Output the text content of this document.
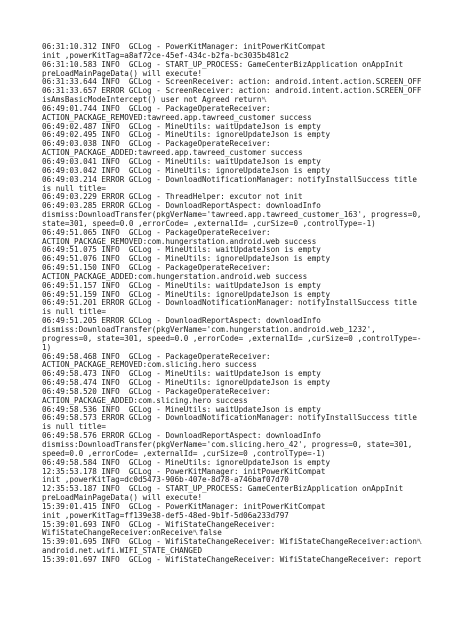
06:31:10.312 INFO  GCLog - PowerKitManager: initPowerKitCompat
init ,powerKitTag=a8af72ce-45ef-434c-b2fa-bc3035b481c2
06:31:10.583 INFO  GCLog - START_UP_PROCESS: GameCenterBizApplication onAppInit
preLoadMainPageData() will execute!
06:31:33.644 INFO  GCLog - ScreenReceiver: action: android.intent.action.SCREEN_OFF
06:31:33.657 ERROR GCLog - ScreenReceiver: action: android.intent.action.SCREEN_OFF
isAmsBasicModeIntercept() user not Agreed return␤
06:49:01.744 INFO  GCLog - PackageOperateReceiver:
ACTION_PACKAGE_REMOVED:tawreed.app.tawreed_customer success
06:49:02.487 INFO  GCLog - MineUtils: waitUpdateJson is empty
06:49:02.495 INFO  GCLog - MineUtils: ignoreUpdateJson is empty
06:49:03.038 INFO  GCLog - PackageOperateReceiver:
ACTION_PACKAGE_ADDED:tawreed.app.tawreed_customer success
06:49:03.041 INFO  GCLog - MineUtils: waitUpdateJson is empty
06:49:03.042 INFO  GCLog - MineUtils: ignoreUpdateJson is empty
06:49:03.214 ERROR GCLog - DownloadNotificationManager: notifyInstallSuccess title
is null title=
06:49:03.229 ERROR GCLog - ThreadHelper: excutor not init
06:49:03.285 ERROR GCLog - DownloadReportAspect: downloadInfo
dismiss:DownloadTransfer(pkgVerName='tawreed.app.tawreed_customer_163', progress=0,
state=301, speed=0.0 ,errorCode= ,externalId= ,curSize=0 ,controlType=-1)
06:49:51.065 INFO  GCLog - PackageOperateReceiver:
ACTION_PACKAGE_REMOVED:com.hungerstation.android.web success
06:49:51.075 INFO  GCLog - MineUtils: waitUpdateJson is empty
06:49:51.076 INFO  GCLog - MineUtils: ignoreUpdateJson is empty
06:49:51.150 INFO  GCLog - PackageOperateReceiver:
ACTION_PACKAGE_ADDED:com.hungerstation.android.web success
06:49:51.157 INFO  GCLog - MineUtils: waitUpdateJson is empty
06:49:51.159 INFO  GCLog - MineUtils: ignoreUpdateJson is empty
06:49:51.201 ERROR GCLog - DownloadNotificationManager: notifyInstallSuccess title
is null title=
06:49:51.205 ERROR GCLog - DownloadReportAspect: downloadInfo
dismiss:DownloadTransfer(pkgVerName='com.hungerstation.android.web_1232',
progress=0, state=301, speed=0.0 ,errorCode= ,externalId= ,curSize=0 ,controlType=-
1)
06:49:58.468 INFO  GCLog - PackageOperateReceiver:
ACTION_PACKAGE_REMOVED:com.slicing.hero success
06:49:58.473 INFO  GCLog - MineUtils: waitUpdateJson is empty
06:49:58.474 INFO  GCLog - MineUtils: ignoreUpdateJson is empty
06:49:58.520 INFO  GCLog - PackageOperateReceiver:
ACTION_PACKAGE_ADDED:com.slicing.hero success
06:49:58.536 INFO  GCLog - MineUtils: waitUpdateJson is empty
06:49:58.573 ERROR GCLog - DownloadNotificationManager: notifyInstallSuccess title
is null title=
06:49:58.576 ERROR GCLog - DownloadReportAspect: downloadInfo
dismiss:DownloadTransfer(pkgVerName='com.slicing.hero_42', progress=0, state=301,
speed=0.0 ,errorCode= ,externalId= ,curSize=0 ,controlType=-1)
06:49:58.584 INFO  GCLog - MineUtils: ignoreUpdateJson is empty
12:35:53.178 INFO  GCLog - PowerKitManager: initPowerKitCompat
init ,powerKitTag=dc0d5473-906b-407e-8d78-a746baf07d70
12:35:53.187 INFO  GCLog - START_UP_PROCESS: GameCenterBizApplication onAppInit
preLoadMainPageData() will execute!
15:39:01.415 INFO  GCLog - PowerKitManager: initPowerKitCompat
init ,powerKitTag=ff139e38-def5-48ed-9b1f-5d06a233d797
15:39:01.693 INFO  GCLog - WifiStateChangeReceiver:
WifiStateChangeReceiver:onReceive␤false
15:39:01.695 INFO  GCLog - WifiStateChangeReceiver: WifiStateChangeReceiver:action␤
android.net.wifi.WIFI_STATE_CHANGED
15:39:01.697 INFO  GCLog - WifiStateChangeReceiver: WifiStateChangeReceiver: report
